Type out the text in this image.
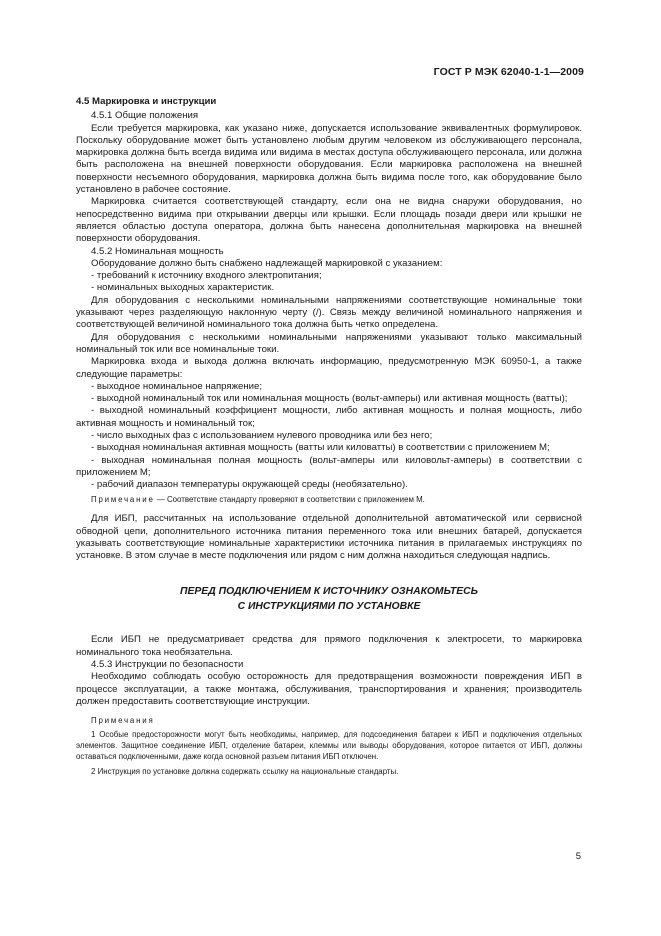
ГОСТ Р МЭК 62040-1-1—2009

4.5 Маркировка и инструкции

4.5.1 Общие положения

Если требуется маркировка, как указано ниже, допускается использование эквивалентных формулировок. Поскольку оборудование может быть установлено любым другим человеком из обслуживающего персонала, маркировка должна быть всегда видима или видима в местах доступа обслуживающего персонала, или должна быть расположена на внешней поверхности оборудования. Если маркировка расположена на внешней поверхности несъемного оборудования, маркировка должна быть видима после того, как оборудование было установлено в рабочее состояние.

Маркировка считается соответствующей стандарту, если она не видна снаружи оборудования, но непосредственно видима при открывании дверцы или крышки. Если площадь позади двери или крышки не является областью доступа оператора, должна быть нанесена дополнительная маркировка на внешней поверхности оборудования.

4.5.2 Номинальная мощность

Оборудование должно быть снабжено надлежащей маркировкой с указанием:

- требований к источнику входного электропитания;

- номинальных выходных характеристик.

Для оборудования с несколькими номинальными напряжениями соответствующие номинальные токи указывают через разделяющую наклонную черту (/). Связь между величиной номинального напряжения и соответствующей величиной номинального тока должна быть четко определена.

Для оборудования с несколькими номинальными напряжениями указывают только максимальный номинальный ток или все номинальные токи.

Маркировка входа и выхода должна включать информацию, предусмотренную МЭК 60950-1, а также следующие параметры:

- выходное номинальное напряжение;

- выходной номинальный ток или номинальная мощность (вольт-амперы) или активная мощность (ватты);

- выходной номинальный коэффициент мощности, либо активная мощность и полная мощность, либо активная мощность и номинальный ток;

- число выходных фаз с использованием нулевого проводника или без него;

- выходная номинальная активная мощность (ватты или киловатты) в соответствии с приложением M;

- выходная номинальная полная мощность (вольт-амперы или киловольт-амперы) в соответствии с приложением M;

- рабочий диапазон температуры окружающей среды (необязательно).

Примечание — Соответствие стандарту проверяют в соответствии с приложением M.

Для ИБП, рассчитанных на использование отдельной дополнительной автоматической или сервисной обводной цепи, дополнительного источника питания переменного тока или внешних батарей, допускается указывать соответствующие номинальные характеристики источника питания в прилагаемых инструкциях по установке. В этом случае в месте подключения или рядом с ним должна находиться следующая надпись.

ПЕРЕД ПОДКЛЮЧЕНИЕМ К ИСТОЧНИКУ ОЗНАКОМЬТЕСЬ
С ИНСТРУКЦИЯМИ ПО УСТАНОВКЕ

Если ИБП не предусматривает средства для прямого подключения к электросети, то маркировка номинального тока необязательна.

4.5.3 Инструкции по безопасности

Необходимо соблюдать особую осторожность для предотвращения возможности повреждения ИБП в процессе эксплуатации, а также монтажа, обслуживания, транспортирования и хранения; производитель должен предоставить соответствующие инструкции.

Примечания

1 Особые предосторожности могут быть необходимы, например, для подсоединения батареи к ИБП и подключения отдельных элементов. Защитное соединение ИБП, отделение батареи, клеммы или выводы оборудования, которое питается от ИБП, должны оставаться подключенными, даже когда основной разъем питания ИБП отключен.

2 Инструкция по установке должна содержать ссылку на национальные стандарты.

5
